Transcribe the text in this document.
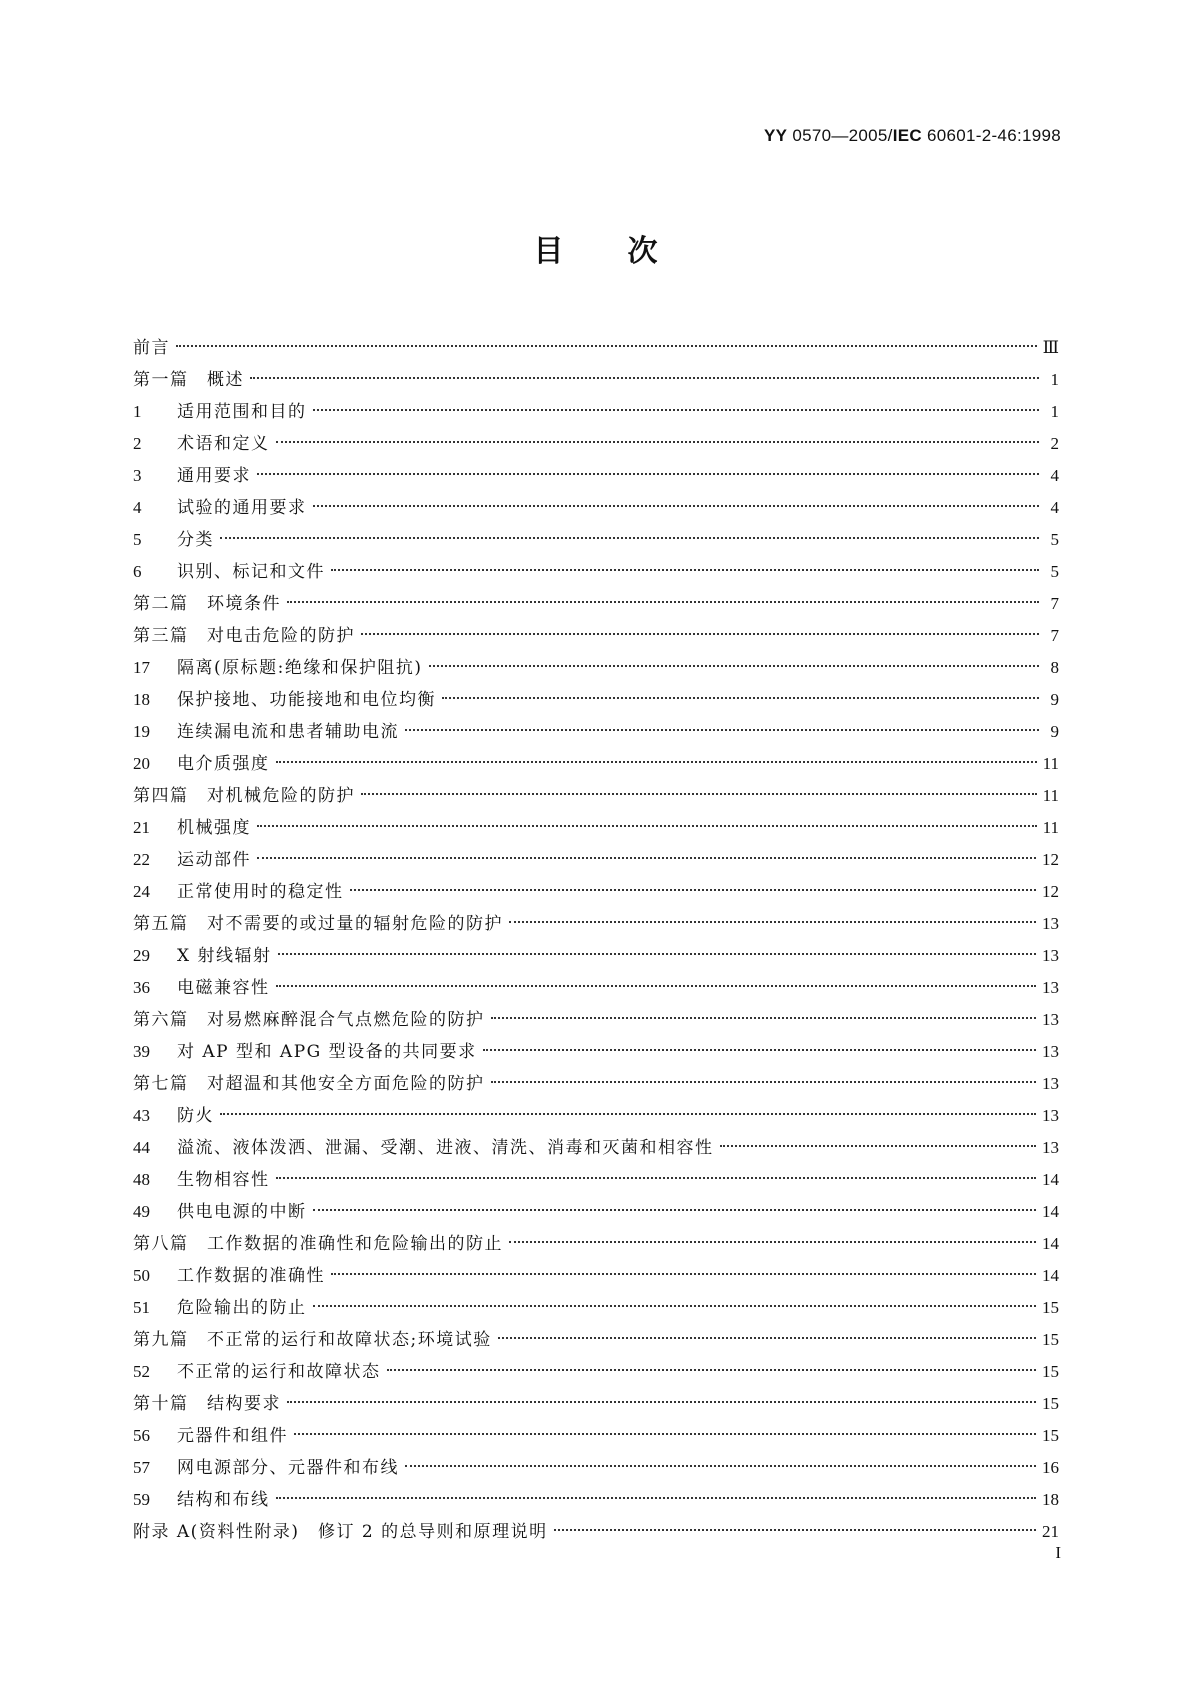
YY 0570—2005/IEC 60601-2-46:1998
目次
前言	Ⅲ
第一篇　概述	1
1 适用范围和目的	1
2 术语和定义	2
3 通用要求	4
4 试验的通用要求	4
5 分类	5
6 识别、标记和文件	5
第二篇　环境条件	7
第三篇　对电击危险的防护	7
17 隔离(原标题:绝缘和保护阻抗)	8
18 保护接地、功能接地和电位均衡	9
19 连续漏电流和患者辅助电流	9
20 电介质强度	11
第四篇　对机械危险的防护	11
21 机械强度	11
22 运动部件	12
24 正常使用时的稳定性	12
第五篇　对不需要的或过量的辐射危险的防护	13
29 X 射线辐射	13
36 电磁兼容性	13
第六篇　对易燃麻醉混合气点燃危险的防护	13
39 对 AP 型和 APG 型设备的共同要求	13
第七篇　对超温和其他安全方面危险的防护	13
43 防火	13
44 溢流、液体泼洒、泄漏、受潮、进液、清洗、消毒和灭菌和相容性	13
48 生物相容性	14
49 供电电源的中断	14
第八篇　工作数据的准确性和危险输出的防止	14
50 工作数据的准确性	14
51 危险输出的防止	15
第九篇　不正常的运行和故障状态;环境试验	15
52 不正常的运行和故障状态	15
第十篇　结构要求	15
56 元器件和组件	15
57 网电源部分、元器件和布线	16
59 结构和布线	18
附录 A(资料性附录)　修订 2 的总导则和原理说明	21
I
